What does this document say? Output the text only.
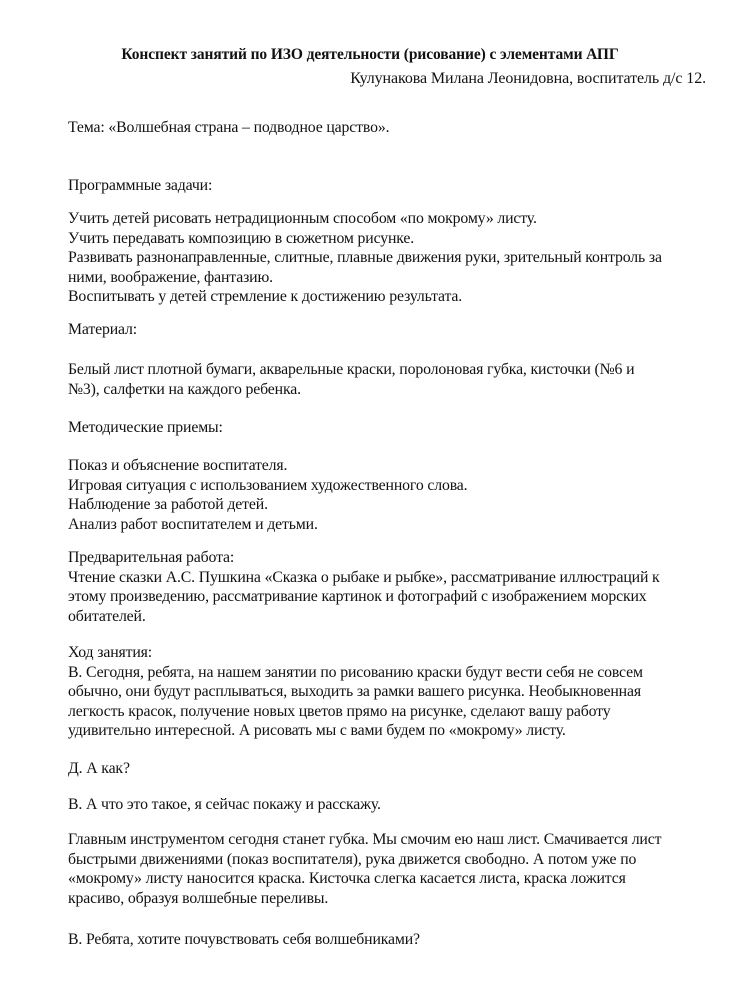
Конспект занятий по ИЗО деятельности (рисование) с элементами АПГ
Кулунакова Милана Леонидовна, воспитатель д/с 12.
Тема: «Волшебная страна – подводное царство».
Программные задачи:
Учить детей рисовать нетрадиционным способом «по мокрому» листу.
Учить передавать композицию в сюжетном рисунке.
Развивать разнонаправленные, слитные, плавные движения руки, зрительный контроль за
ними, воображение, фантазию.
Воспитывать у детей стремление к достижению результата.
Материал:
Белый лист плотной бумаги, акварельные краски, поролоновая губка, кисточки (№6 и
№3), салфетки на каждого ребенка.
Методические приемы:
Показ и объяснение воспитателя.
Игровая ситуация с использованием художественного слова.
Наблюдение за работой детей.
Анализ работ воспитателем и детьми.
Предварительная работа:
Чтение сказки А.С. Пушкина «Сказка о рыбаке и рыбке», рассматривание иллюстраций к
этому произведению, рассматривание картинок и фотографий с изображением морских
обитателей.
Ход занятия:
В. Сегодня, ребята, на нашем занятии по рисованию краски будут вести себя не совсем
обычно, они будут расплываться, выходить за рамки вашего рисунка. Необыкновенная
легкость красок, получение новых цветов прямо на рисунке, сделают вашу работу
удивительно интересной. А рисовать мы с вами будем по «мокрому» листу.
Д. А как?
В. А что это такое, я сейчас покажу и расскажу.
Главным инструментом сегодня станет губка. Мы смочим ею наш лист. Смачивается лист
быстрыми движениями (показ воспитателя), рука движется свободно. А потом уже по
«мокрому» листу наносится краска. Кисточка слегка касается листа, краска ложится
красиво, образуя волшебные переливы.
В. Ребята, хотите почувствовать себя волшебниками?
